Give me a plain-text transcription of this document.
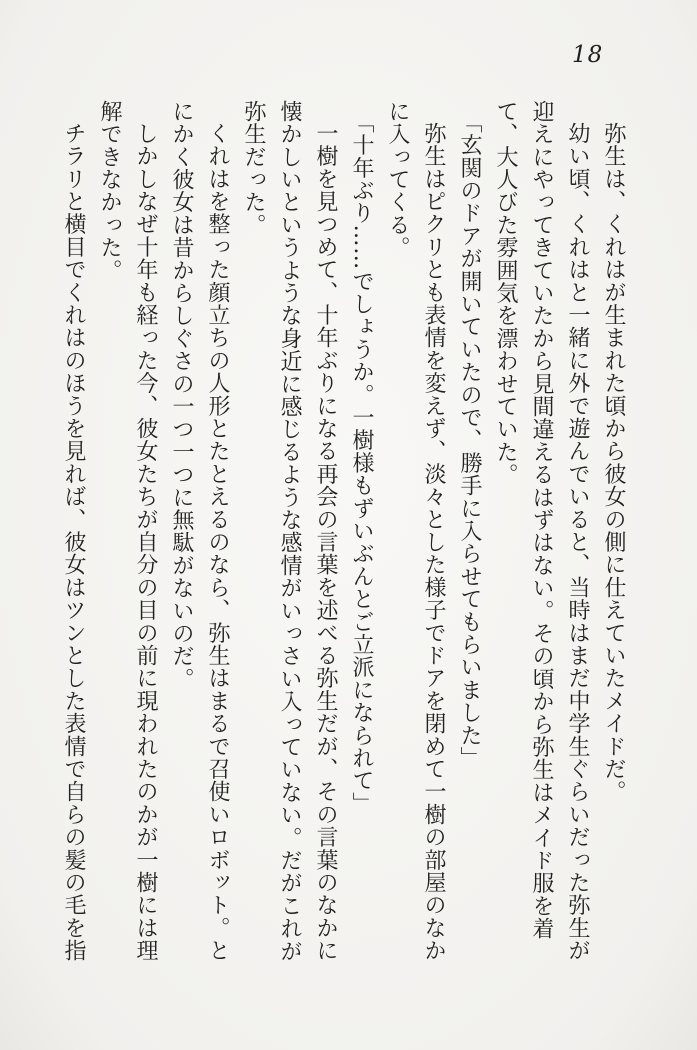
18

弥生は、くれはが生まれた頃から彼女の側に仕えていたメイドだ。

幼い頃、くれはと一緒に外で遊んでいると、当時はまだ中学生ぐらいだった弥生が迎えにやってきていたから見間違えるはずはない。その頃から弥生はメイド服を着て、大人びた雰囲気を漂わせていた。

「玄関のドアが開いていたので、勝手に入らせてもらいました」

弥生はピクリとも表情を変えず、淡々とした様子でドアを閉めて一樹の部屋のなかに入ってくる。

「十年ぶり……でしょうか。一樹様もずいぶんとご立派になられて」

一樹を見つめて、十年ぶりになる再会の言葉を述べる弥生だが、その言葉のなかに懐かしいというような身近に感じるような感情がいっさい入っていない。だがこれが弥生だった。

くれはを整った顔立ちの人形とたとえるのなら、弥生はまるで召使いロボット。とにかく彼女は昔からしぐさの一つ一つに無駄がないのだ。

しかしなぜ十年も経った今、彼女たちが自分の目の前に現われたのかが一樹には理解できなかった。

チラリと横目でくれはのほうを見れば、彼女はツンとした表情で自らの髪の毛を指
